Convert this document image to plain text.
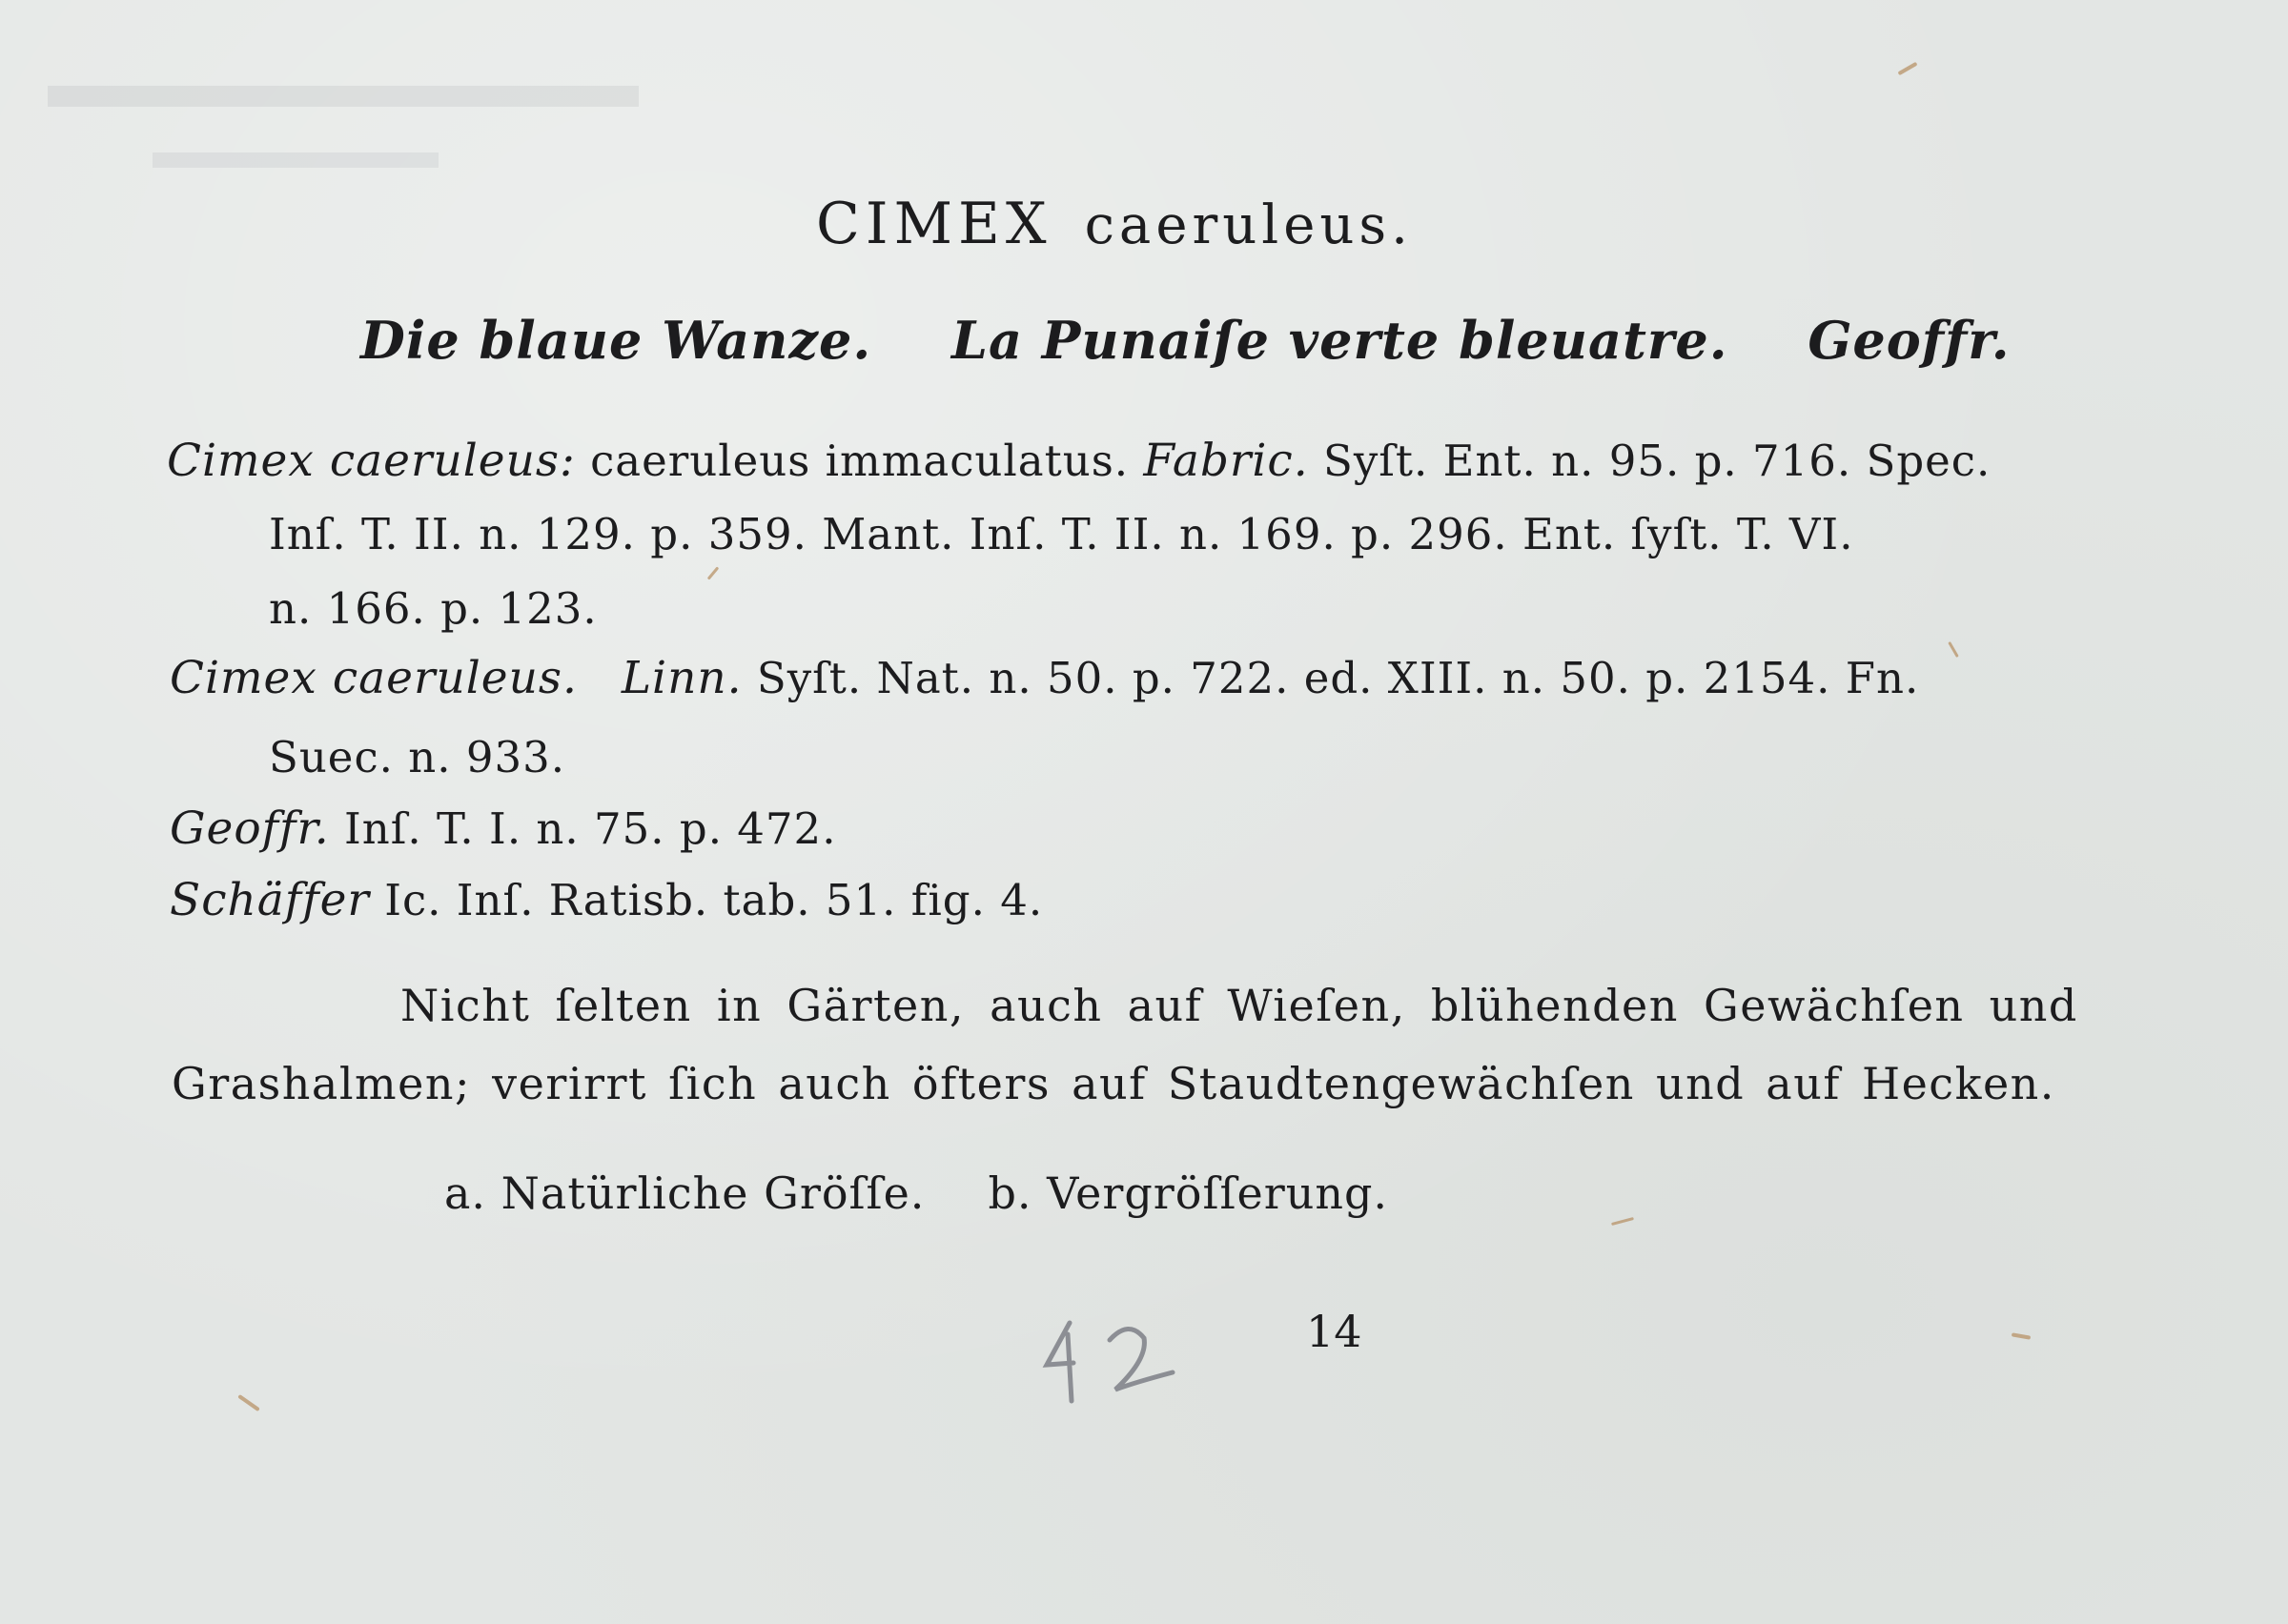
CIMEX caeruleus.
Die blaue Wanze. La Punaiſe verte bleuatre. Geoffr.
Cimex caeruleus: caeruleus immaculatus. Fabric. Syſt. Ent. n. 95. p. 716. Spec.
Inſ. T. II. n. 129. p. 359. Mant. Inſ. T. II. n. 169. p. 296. Ent. ſyſt. T. VI.
n. 166. p. 123.
Cimex caeruleus. Linn. Syſt. Nat. n. 50. p. 722. ed. XIII. n. 50. p. 2154. Fn.
Suec. n. 933.
Geoffr. Inſ. T. I. n. 75. p. 472.
Schäffer Ic. Inſ. Ratisb. tab. 51. fig. 4.
Nicht ſelten in Gärten, auch auf Wieſen, blühenden Gewächſen und
Grashalmen; verirrt ſich auch öfters auf Staudtengewächſen und auf Hecken.
a. Natürliche Gröſſe. b. Vergröſſerung.
14
